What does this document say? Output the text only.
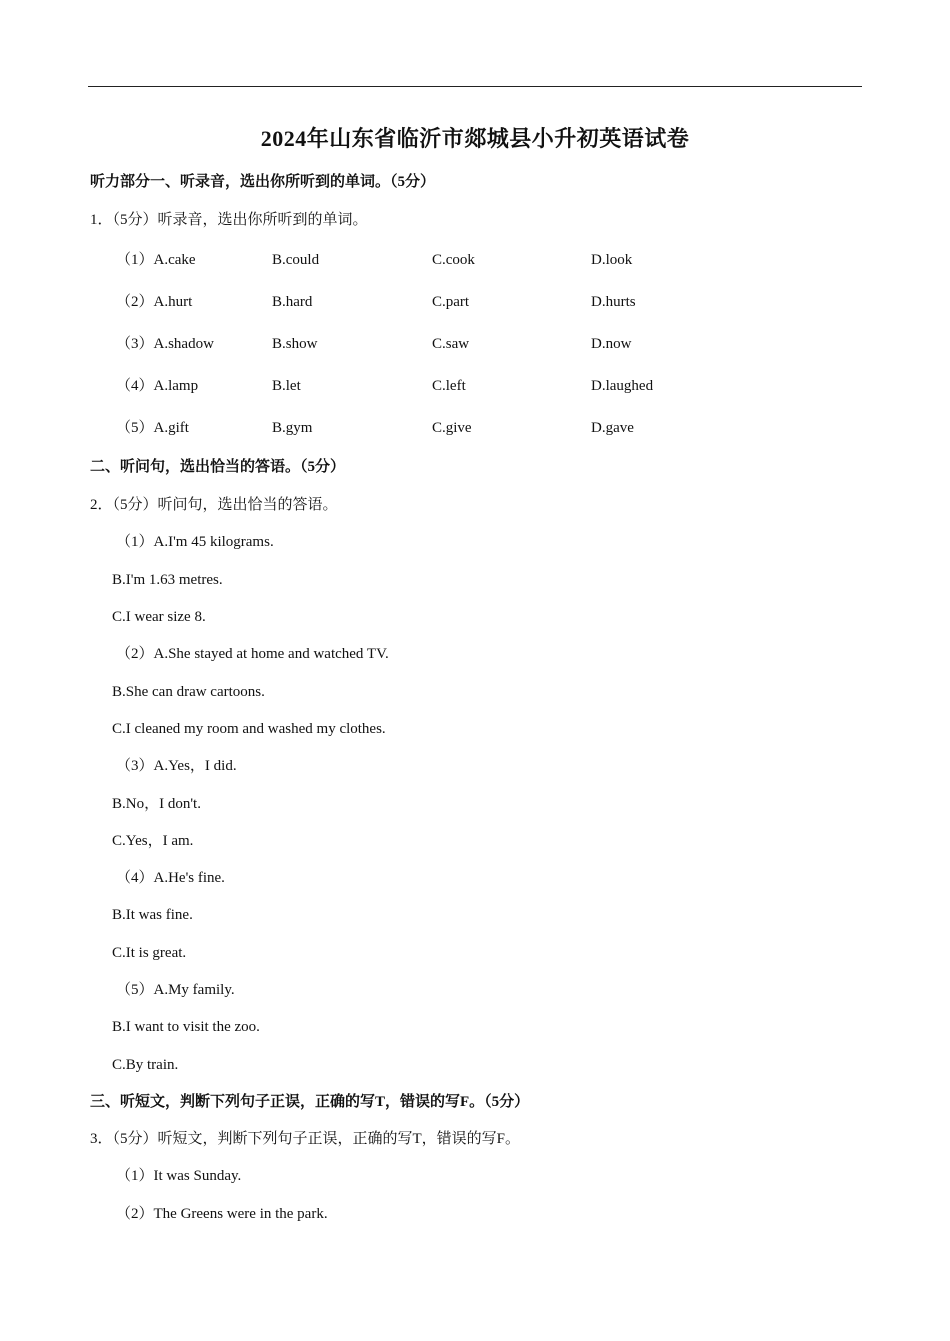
2024年山东省临沂市郯城县小升初英语试卷
听力部分一、听录音，选出你所听到的单词。（5分）
1．（5分）听录音，选出你所听到的单词。
（1）A.cake	B.could	C.cook	D.look
（2）A.hurt	B.hard	C.part	D.hurts
（3）A.shadow	B.show	C.saw	D.now
（4）A.lamp	B.let	C.left	D.laughed
（5）A.gift	B.gym	C.give	D.gave
二、听问句，选出恰当的答语。（5分）
2．（5分）听问句，选出恰当的答语。
（1）A.I'm 45 kilograms.
B.I'm 1.63 metres.
C.I wear size 8.
（2）A.She stayed at home and watched TV.
B.She can draw cartoons.
C.I cleaned my room and washed my clothes.
（3）A.Yes，I did.
B.No，I don't.
C.Yes，I am.
（4）A.He's fine.
B.It was fine.
C.It is great.
（5）A.My family.
B.I want to visit the zoo.
C.By train.
三、听短文，判断下列句子正误，正确的写T，错误的写F。（5分）
3．（5分）听短文，判断下列句子正误，正确的写T，错误的写F。
（1）It was Sunday.
（2）The Greens were in the park.
